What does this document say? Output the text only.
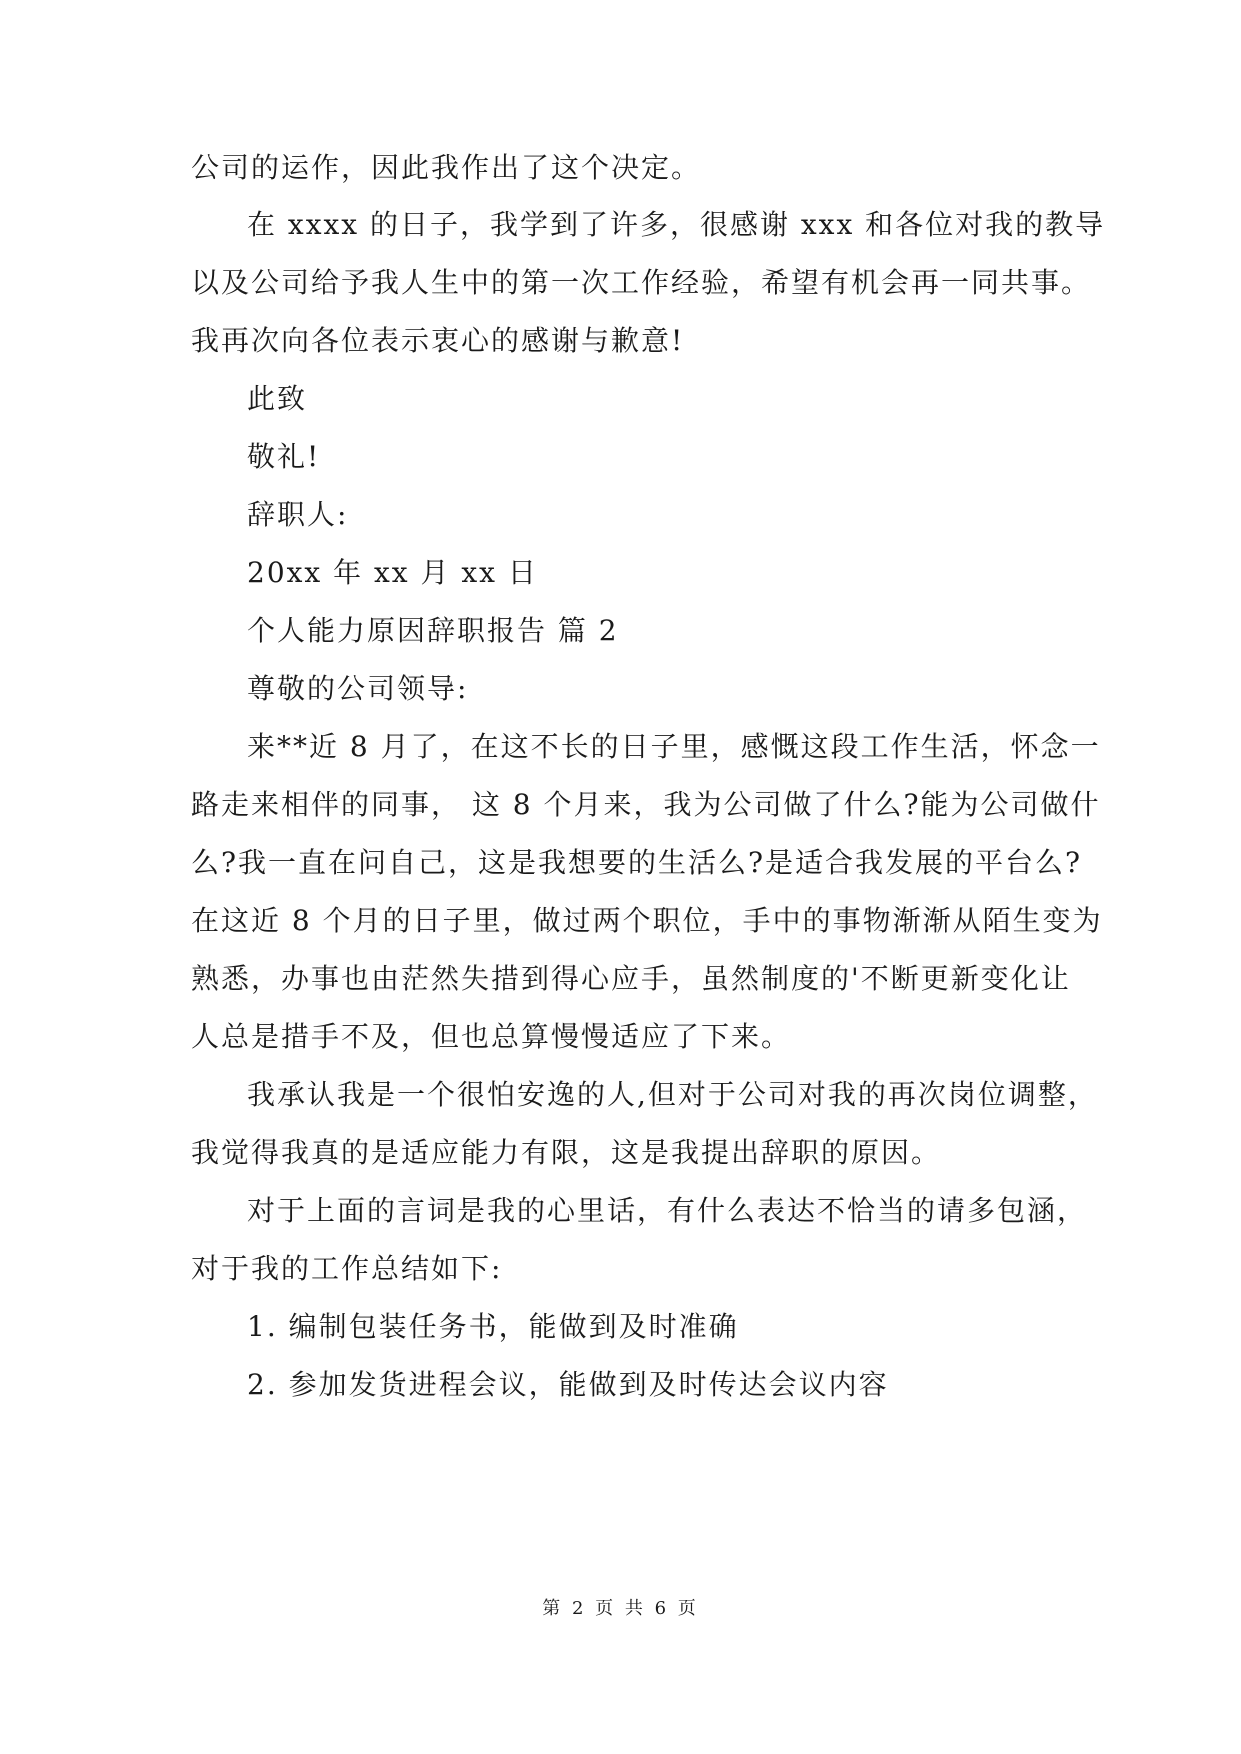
公司的运作，因此我作出了这个决定。
在 xxxx 的日子，我学到了许多，很感谢 xxx 和各位对我的教导
以及公司给予我人生中的第一次工作经验，希望有机会再一同共事。
我再次向各位表示衷心的感谢与歉意!
此致
敬礼!
辞职人:
20xx 年 xx 月 xx 日
个人能力原因辞职报告 篇 2
尊敬的公司领导:
来**近 8 月了，在这不长的日子里，感慨这段工作生活，怀念一
路走来相伴的同事， 这 8 个月来，我为公司做了什么?能为公司做什
么?我一直在问自己，这是我想要的生活么?是适合我发展的平台么?
在这近 8 个月的日子里，做过两个职位，手中的事物渐渐从陌生变为
熟悉，办事也由茫然失措到得心应手，虽然制度的'不断更新变化让
人总是措手不及，但也总算慢慢适应了下来。
我承认我是一个很怕安逸的人,但对于公司对我的再次岗位调整，
我觉得我真的是适应能力有限，这是我提出辞职的原因。
对于上面的言词是我的心里话，有什么表达不恰当的请多包涵，
对于我的工作总结如下:
1. 编制包装任务书，能做到及时准确
2. 参加发货进程会议，能做到及时传达会议内容
第 2 页 共 6 页
